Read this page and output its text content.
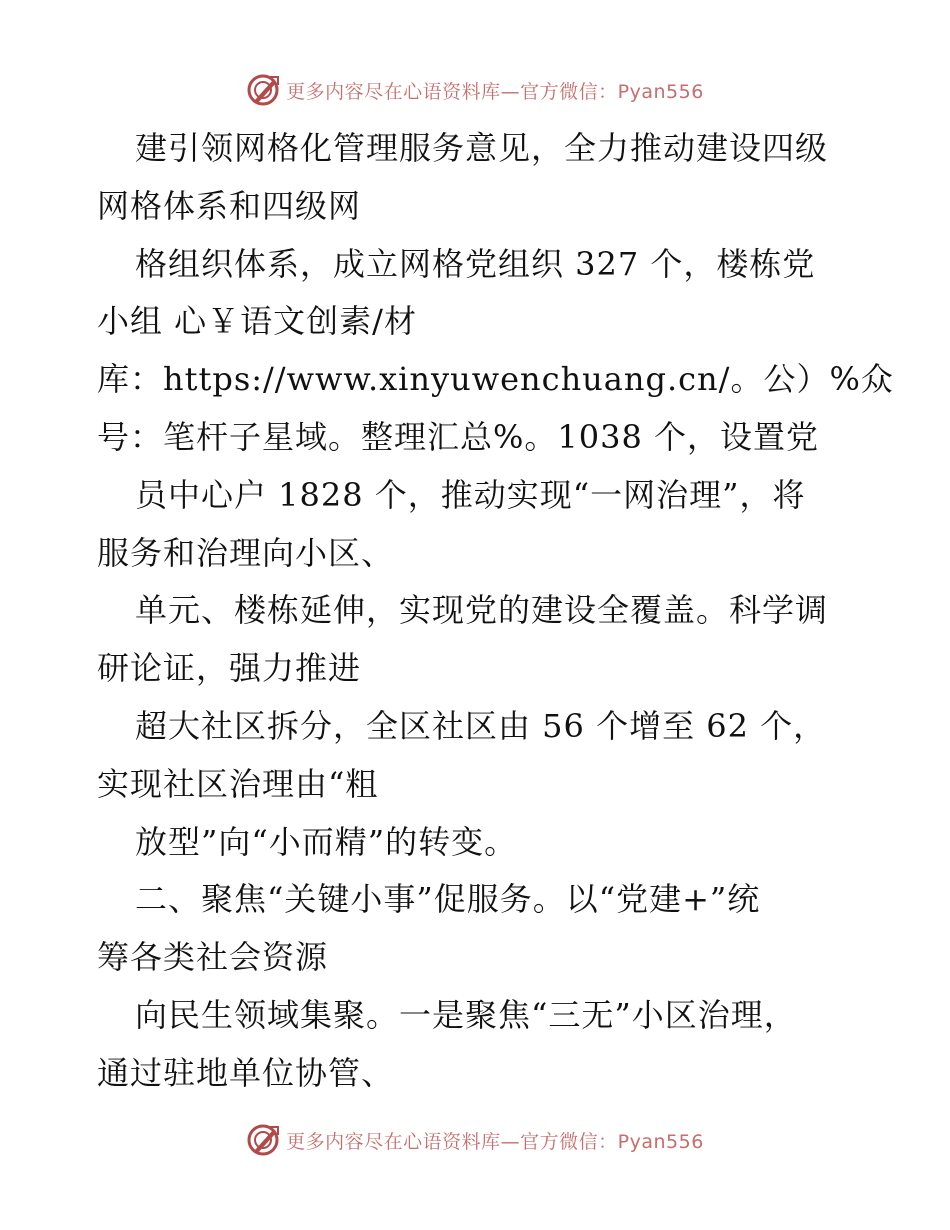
更多内容尽在心语资料库—官方微信：Pyan556
建引领网格化管理服务意见，全力推动建设四级
网格体系和四级网
格组织体系，成立网格党组织 327 个，楼栋党
小组 心￥语文创素/材
库：https://www.xinyuwenchuang.cn/。公）%众
号：笔杆子星域。整理汇总%。1038 个，设置党
员中心户 1828 个，推动实现“一网治理”，将
服务和治理向小区、
单元、楼栋延伸，实现党的建设全覆盖。科学调
研论证，强力推进
超大社区拆分，全区社区由 56 个增至 62 个，
实现社区治理由“粗
放型”向“小而精”的转变。
二、聚焦“关键小事”促服务。以“党建+”统
筹各类社会资源
向民生领域集聚。一是聚焦“三无”小区治理，
通过驻地单位协管、
更多内容尽在心语资料库—官方微信：Pyan556
